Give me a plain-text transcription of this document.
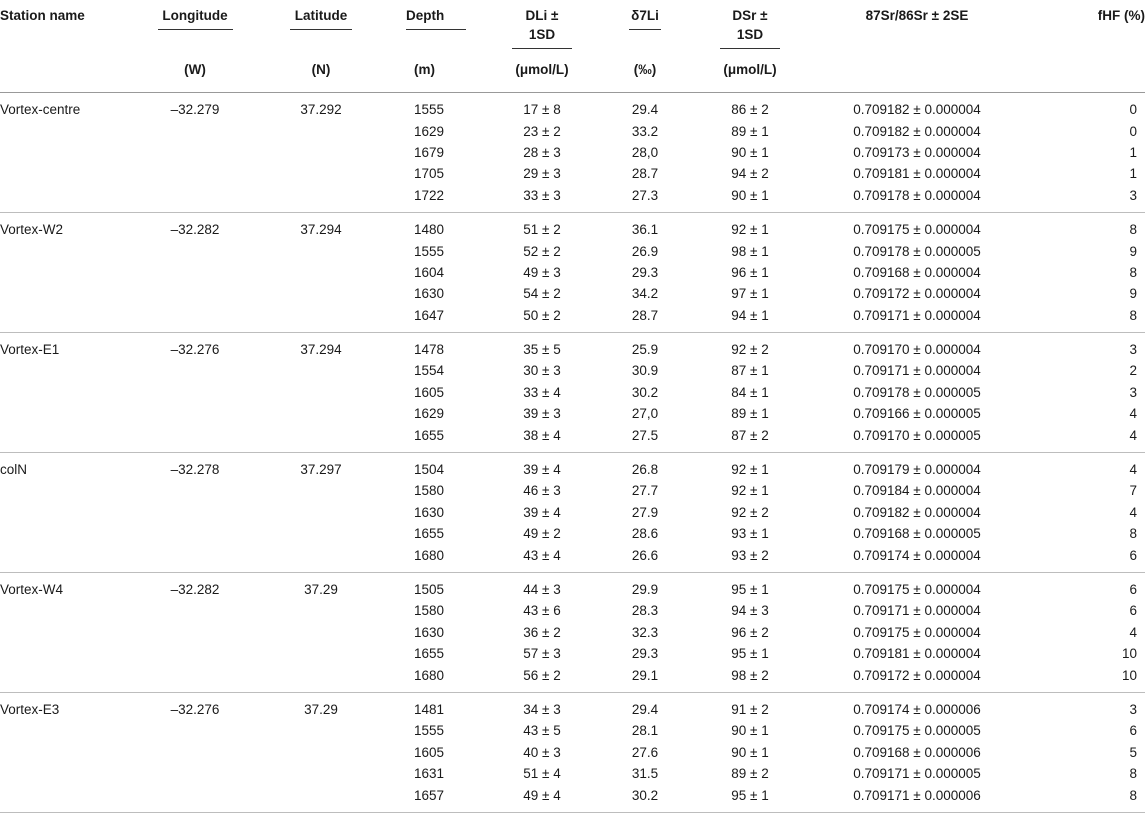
Station name	Longitude	Latitude	Depth	DLi ± 1SD	δ7Li	DSr ± 1SD	87Sr/86Sr ± 2SE	fHF (%)
	(W)	(N)	(m)	(μmol/L)	(‰)	(μmol/L)		
Vortex-centre	–32.279	37.292	1555	17 ± 8	29.4	86 ± 2	0.709182 ± 0.000004	0
			1629	23 ± 2	33.2	89 ± 1	0.709182 ± 0.000004	0
			1679	28 ± 3	28,0	90 ± 1	0.709173 ± 0.000004	1
			1705	29 ± 3	28.7	94 ± 2	0.709181 ± 0.000004	1
			1722	33 ± 3	27.3	90 ± 1	0.709178 ± 0.000004	3
Vortex-W2	–32.282	37.294	1480	51 ± 2	36.1	92 ± 1	0.709175 ± 0.000004	8
			1555	52 ± 2	26.9	98 ± 1	0.709178 ± 0.000005	9
			1604	49 ± 3	29.3	96 ± 1	0.709168 ± 0.000004	8
			1630	54 ± 2	34.2	97 ± 1	0.709172 ± 0.000004	9
			1647	50 ± 2	28.7	94 ± 1	0.709171 ± 0.000004	8
Vortex-E1	–32.276	37.294	1478	35 ± 5	25.9	92 ± 2	0.709170 ± 0.000004	3
			1554	30 ± 3	30.9	87 ± 1	0.709171 ± 0.000004	2
			1605	33 ± 4	30.2	84 ± 1	0.709178 ± 0.000005	3
			1629	39 ± 3	27,0	89 ± 1	0.709166 ± 0.000005	4
			1655	38 ± 4	27.5	87 ± 2	0.709170 ± 0.000005	4
colN	–32.278	37.297	1504	39 ± 4	26.8	92 ± 1	0.709179 ± 0.000004	4
			1580	46 ± 3	27.7	92 ± 1	0.709184 ± 0.000004	7
			1630	39 ± 4	27.9	92 ± 2	0.709182 ± 0.000004	4
			1655	49 ± 2	28.6	93 ± 1	0.709168 ± 0.000005	8
			1680	43 ± 4	26.6	93 ± 2	0.709174 ± 0.000004	6
Vortex-W4	–32.282	37.29	1505	44 ± 3	29.9	95 ± 1	0.709175 ± 0.000004	6
			1580	43 ± 6	28.3	94 ± 3	0.709171 ± 0.000004	6
			1630	36 ± 2	32.3	96 ± 2	0.709175 ± 0.000004	4
			1655	57 ± 3	29.3	95 ± 1	0.709181 ± 0.000004	10
			1680	56 ± 2	29.1	98 ± 2	0.709172 ± 0.000004	10
Vortex-E3	–32.276	37.29	1481	34 ± 3	29.4	91 ± 2	0.709174 ± 0.000006	3
			1555	43 ± 5	28.1	90 ± 1	0.709175 ± 0.000005	6
			1605	40 ± 3	27.6	90 ± 1	0.709168 ± 0.000006	5
			1631	51 ± 4	31.5	89 ± 2	0.709171 ± 0.000005	8
			1657	49 ± 4	30.2	95 ± 1	0.709171 ± 0.000006	8
